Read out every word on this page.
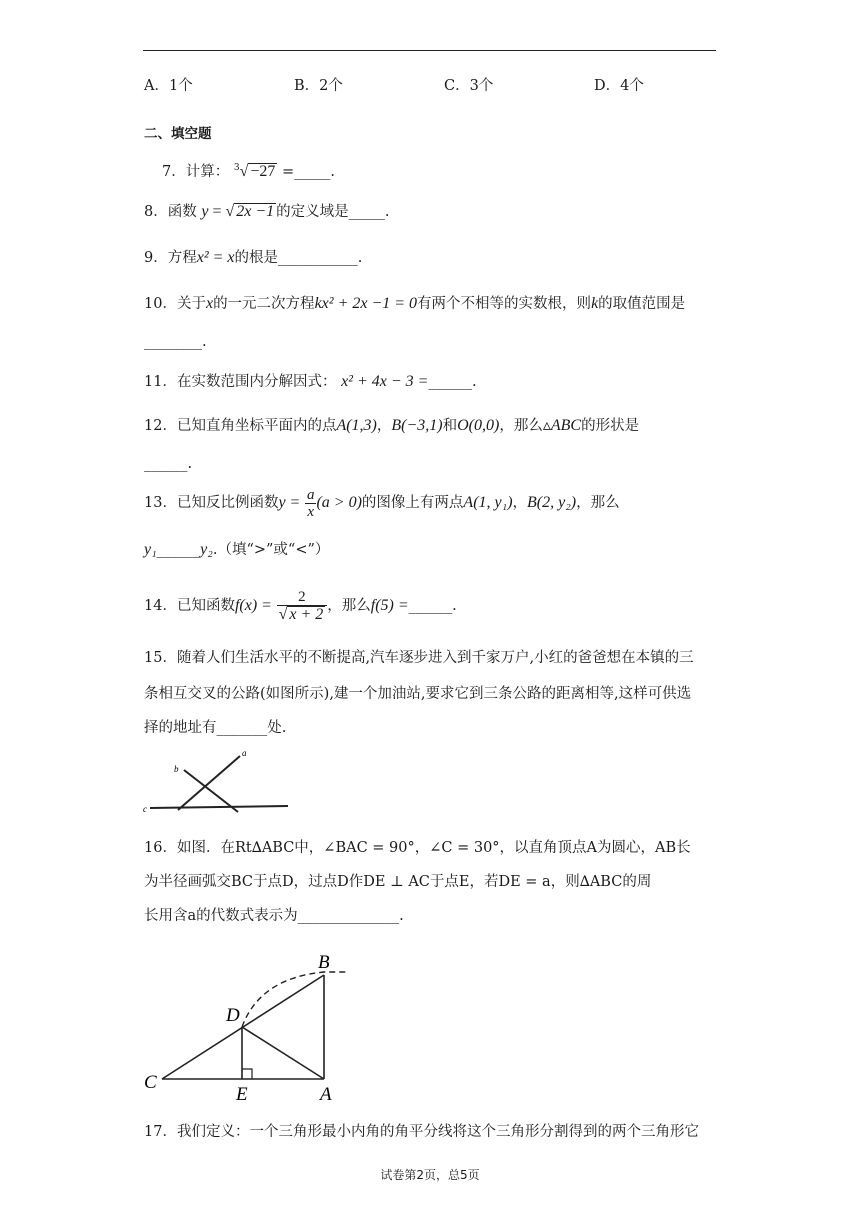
A．1个	B．2个	C．3个	D．4个
二、填空题
7．计算： $^3$√ −27 =_____.
8．函数 y = √ 2x −1 的定义域是_____.
9．方程x² = x的根是___________.
10．关于x的一元二次方程kx² + 2x −1 = 0有两个不相等的实数根，则k的取值范围是
________.
11．在实数范围内分解因式： x² + 4x − 3 =______.
12．已知直角坐标平面内的点A(1,3)，B(−3,1)和O(0,0)，那么▵ABC的形状是
______.
13．已知反比例函数$y = \frac{a}{x} (a > 0)$的图像上有两点A(1, y₁)，B(2, y₂)，那么
y₁______y₂.（填“>”或“<”）
14．已知函数$f(x) = \frac{2}{√ x + 2}$ ，那么f(5) =______.
15．随着人们生活水平的不断提高,汽车逐步进入到千家万户,小红的爸爸想在本镇的三
条相互交叉的公路(如图所示),建一个加油站,要求它到三条公路的距离相等,这样可供选
择的地址有_______处.
a
b
c
16．如图．在Rt∆ABC中，∠BAC = 90°，∠C = 30°，以直角顶点A为圆心，AB长
为半径画弧交BC于点D，过点D作DE ⊥ AC于点E，若DE = a，则∆ABC的周
长用含a的代数式表示为______________.
B
D
C
E	A
17．我们定义：一个三角形最小内角的角平分线将这个三角形分割得到的两个三角形它
试卷第2页，总5页
